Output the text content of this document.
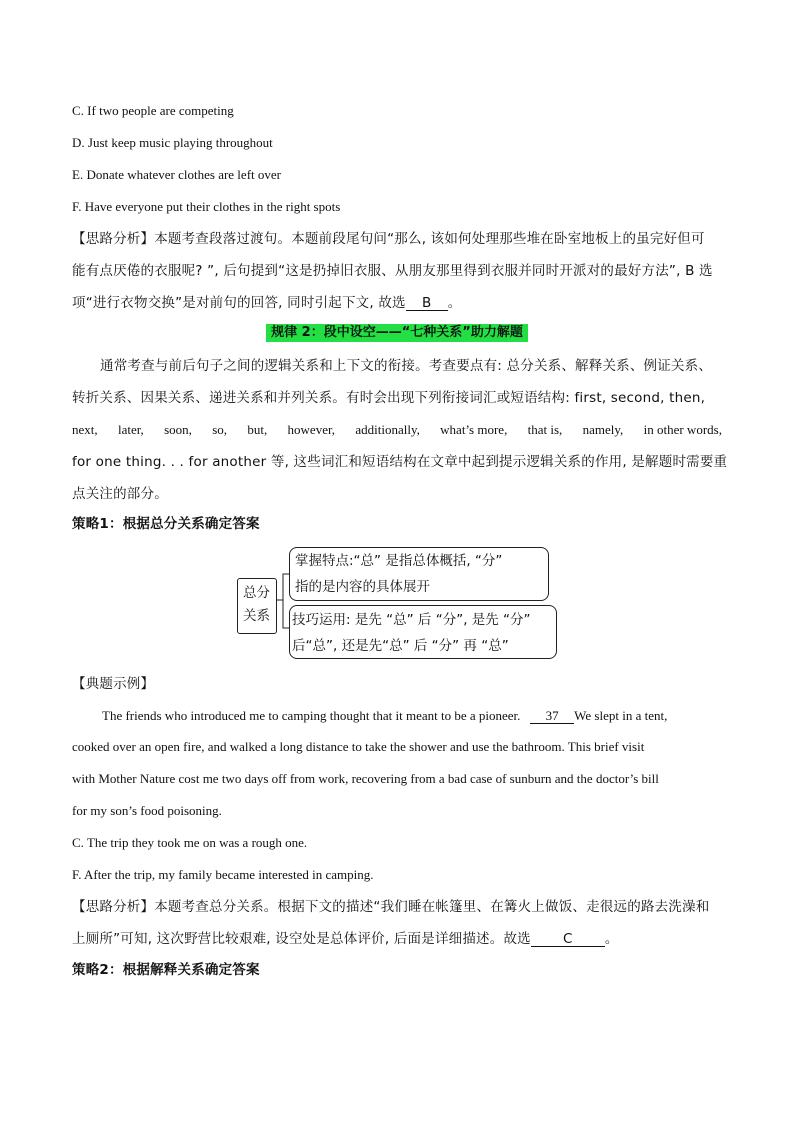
C. If two people are competing
D. Just keep music playing throughout
E. Donate whatever clothes are left over
F. Have everyone put their clothes in the right spots
【思路分析】本题考查段落过渡句。本题前段尾句问“那么, 该如何处理那些堆在卧室地板上的虽完好但可
能有点厌倦的衣服呢? ”, 后句提到“这是扔掉旧衣服、从朋友那里得到衣服并同时开派对的最好方法”, B 选
项“进行衣物交换”是对前句的回答, 同时引起下文, 故选 B 。
规律 2：段中设空——“七种关系”助力解题
通常考查与前后句子之间的逻辑关系和上下文的衔接。考查要点有: 总分关系、解释关系、例证关系、
转折关系、因果关系、递进关系和并列关系。有时会出现下列衔接词汇或短语结构: first, second, then,
next, later, soon, so, but, however, additionally, what’s more, that is, namely, in other words,
for one thing. . . for another 等, 这些词汇和短语结构在文章中起到提示逻辑关系的作用, 是解题时需要重
点关注的部分。
策略1：根据总分关系确定答案
总分
关系
掌握特点:“总” 是指总体概括, “分”
指的是内容的具体展开
技巧运用: 是先 “总” 后 “分”, 是先 “分”
后“总”, 还是先“总” 后 “分” 再 “总”
【典题示例】
The friends who introduced me to camping thought that it meant to be a pioneer. 37 We slept in a tent,
cooked over an open fire, and walked a long distance to take the shower and use the bathroom. This brief visit
with Mother Nature cost me two days off from work, recovering from a bad case of sunburn and the doctor’s bill
for my son’s food poisoning.
C. The trip they took me on was a rough one.
F. After the trip, my family became interested in camping.
【思路分析】本题考查总分关系。根据下文的描述“我们睡在帐篷里、在篝火上做饭、走很远的路去洗澡和
上厕所”可知, 这次野营比较艰难, 设空处是总体评价, 后面是详细描述。故选 C 。
策略2：根据解释关系确定答案
